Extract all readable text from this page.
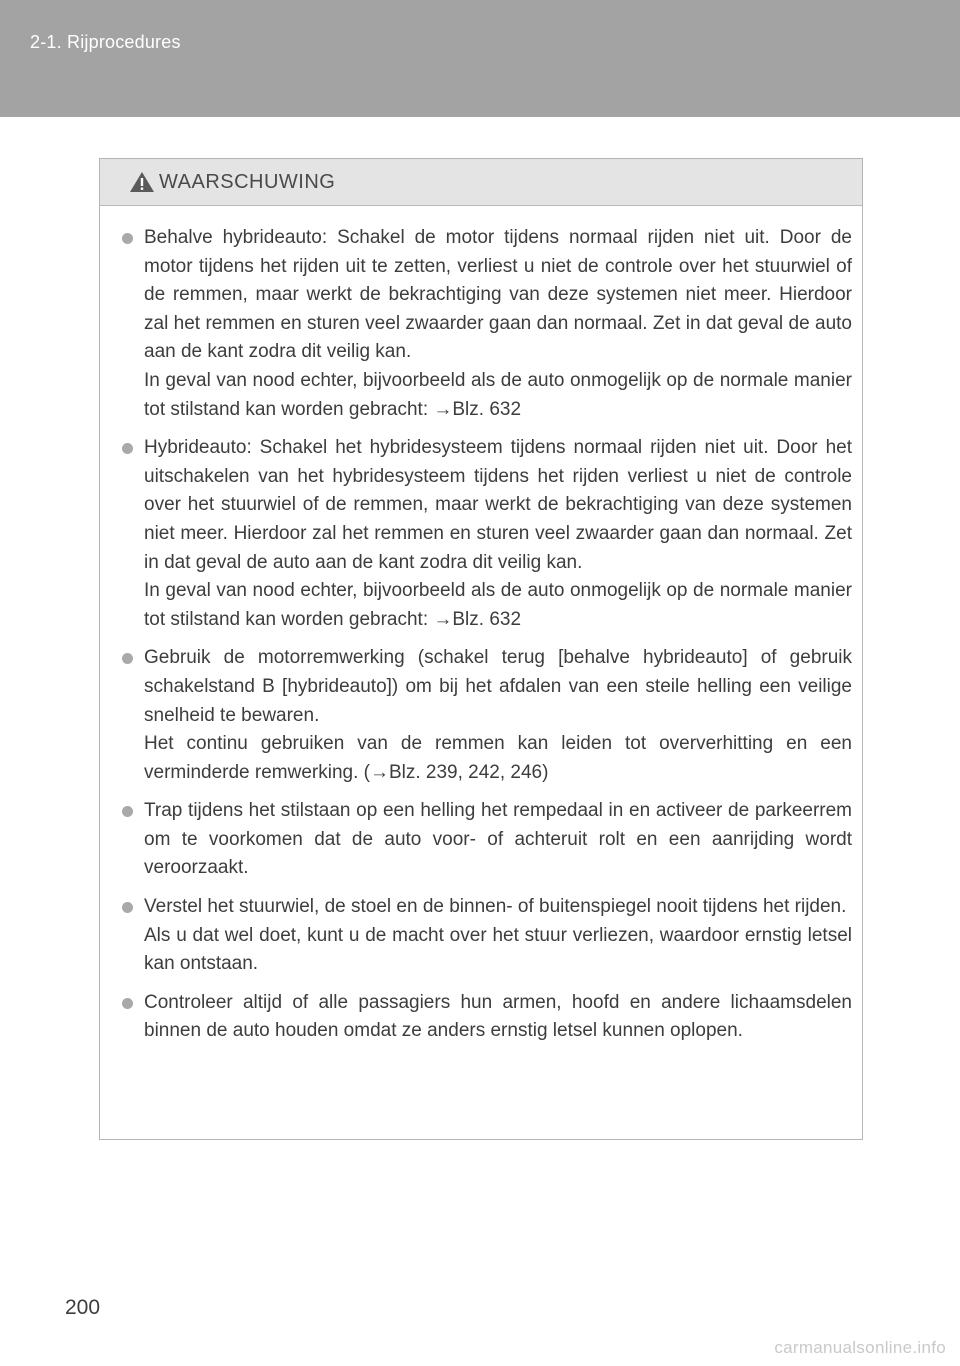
2-1. Rijprocedures
WAARSCHUWING

Behalve hybrideauto: Schakel de motor tijdens normaal rijden niet uit. Door de motor tijdens het rijden uit te zetten, verliest u niet de controle over het stuurwiel of de remmen, maar werkt de bekrachtiging van deze systemen niet meer. Hierdoor zal het remmen en sturen veel zwaarder gaan dan normaal. Zet in dat geval de auto aan de kant zodra dit veilig kan.

In geval van nood echter, bijvoorbeeld als de auto onmogelijk op de normale manier tot stilstand kan worden gebracht: →Blz. 632

Hybrideauto: Schakel het hybridesysteem tijdens normaal rijden niet uit. Door het uitschakelen van het hybridesysteem tijdens het rijden verliest u niet de controle over het stuurwiel of de remmen, maar werkt de bekrachtiging van deze systemen niet meer. Hierdoor zal het remmen en sturen veel zwaarder gaan dan normaal. Zet in dat geval de auto aan de kant zodra dit veilig kan.

In geval van nood echter, bijvoorbeeld als de auto onmogelijk op de normale manier tot stilstand kan worden gebracht: →Blz. 632

Gebruik de motorremwerking (schakel terug [behalve hybrideauto] of gebruik schakelstand B [hybrideauto]) om bij het afdalen van een steile helling een veilige snelheid te bewaren.

Het continu gebruiken van de remmen kan leiden tot oververhitting en een verminderde remwerking. (→Blz. 239, 242, 246)

Trap tijdens het stilstaan op een helling het rempedaal in en activeer de parkeerrem om te voorkomen dat de auto voor- of achteruit rolt en een aanrijding wordt veroorzaakt.

Verstel het stuurwiel, de stoel en de binnen- of buitenspiegel nooit tijdens het rijden.

Als u dat wel doet, kunt u de macht over het stuur verliezen, waardoor ernstig letsel kan ontstaan.

Controleer altijd of alle passagiers hun armen, hoofd en andere lichaamsdelen binnen de auto houden omdat ze anders ernstig letsel kunnen oplopen.

200
carmanualsonline.info
